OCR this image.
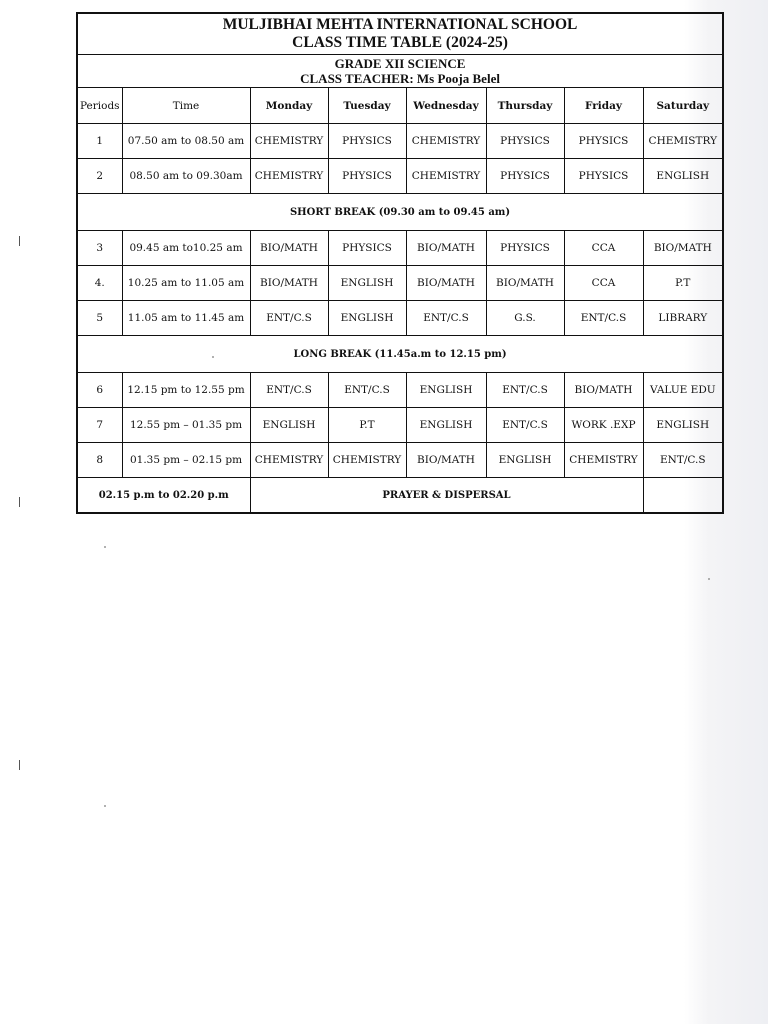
MULJIBHAI MEHTA INTERNATIONAL SCHOOL
CLASS TIME TABLE (2024-25)							

GRADE XII SCIENCE
CLASS TEACHER: Ms Pooja Belel							

Periods	Time	Monday	Tuesday	Wednesday	Thursday	Friday	Saturday
1	07.50 am to 08.50 am	CHEMISTRY	PHYSICS	CHEMISTRY	PHYSICS	PHYSICS	CHEMISTRY
2	08.50 am to 09.30am	CHEMISTRY	PHYSICS	CHEMISTRY	PHYSICS	PHYSICS	ENGLISH
SHORT BREAK (09.30 am to 09.45 am)							
3	09.45 am to10.25 am	BIO/MATH	PHYSICS	BIO/MATH	PHYSICS	CCA	BIO/MATH
4.	10.25 am to 11.05 am	BIO/MATH	ENGLISH	BIO/MATH	BIO/MATH	CCA	P.T
5	11.05 am to 11.45 am	ENT/C.S	ENGLISH	ENT/C.S	G.S.	ENT/C.S	LIBRARY
LONG BREAK (11.45a.m to 12.15 pm)							
6	12.15 pm to 12.55 pm	ENT/C.S	ENT/C.S	ENGLISH	ENT/C.S	BIO/MATH	VALUE EDU
7	12.55 pm – 01.35 pm	ENGLISH	P.T	ENGLISH	ENT/C.S	WORK .EXP	ENGLISH
8	01.35 pm – 02.15 pm	CHEMISTRY	CHEMISTRY	BIO/MATH	ENGLISH	CHEMISTRY	ENT/C.S
02.15 p.m to 02.20 p.m		PRAYER & DISPERSAL					
